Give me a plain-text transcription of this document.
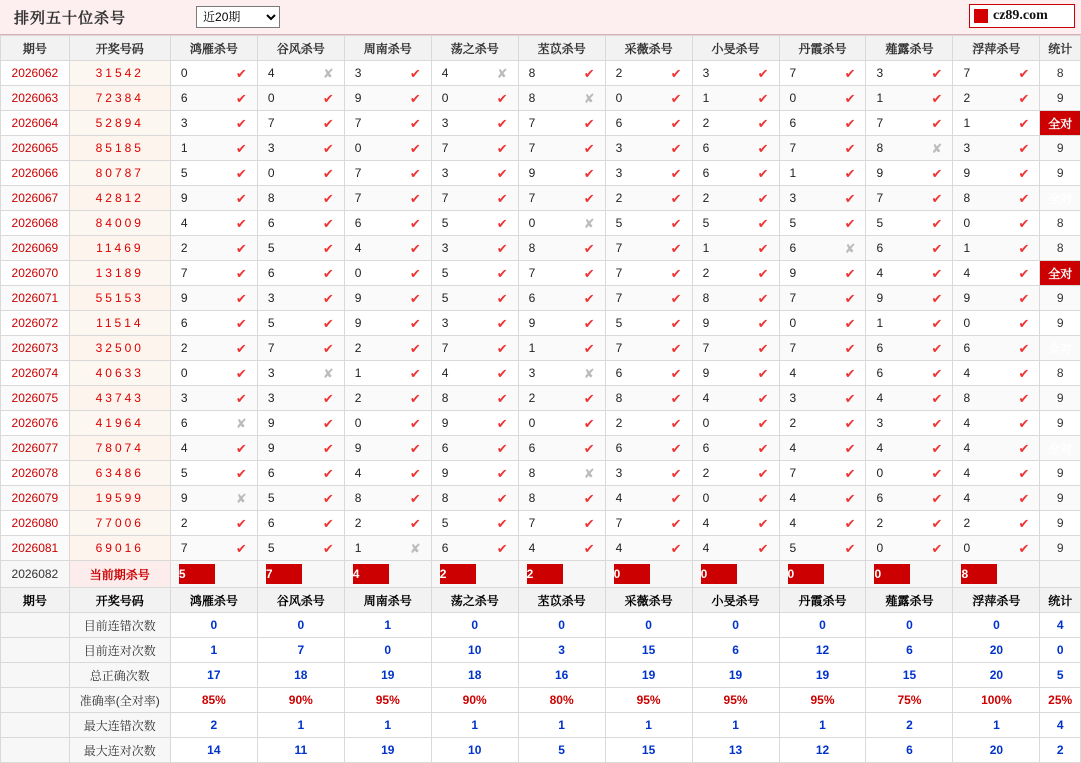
排列五十位杀号
近20期	cz89.com
期号	开奖号码	鸿雁杀号	谷风杀号	周南杀号	荡之杀号	苤苡杀号	采薇杀号	小旻杀号	丹霞杀号	薤露杀号	浮萍杀号	统计
2026062	31542	0 ✔	4 ✘	3 ✔	4 ✘	8 ✔	2 ✔	3 ✔	7 ✔	3 ✔	7 ✔	8
2026063	72384	6 ✔	0 ✔	9 ✔	0 ✔	8 ✘	0 ✔	1 ✔	0 ✔	1 ✔	2 ✔	9
2026064	52894	3 ✔	7 ✔	7 ✔	3 ✔	7 ✔	6 ✔	2 ✔	6 ✔	7 ✔	1 ✔	全对
2026065	85185	1 ✔	3 ✔	0 ✔	7 ✔	7 ✔	3 ✔	6 ✔	7 ✔	8 ✘	3 ✔	9
2026066	80787	5 ✔	0 ✔	7 ✔	3 ✔	9 ✔	3 ✔	6 ✔	1 ✔	9 ✔	9 ✔	9
2026067	42812	9 ✔	8 ✔	7 ✔	7 ✔	7 ✔	2 ✔	2 ✔	3 ✔	7 ✔	8 ✔	全对
2026068	84009	4 ✔	6 ✔	6 ✔	5 ✔	0 ✘	5 ✔	5 ✔	5 ✔	5 ✔	0 ✔	8
2026069	11469	2 ✔	5 ✔	4 ✔	3 ✔	8 ✔	7 ✔	1 ✔	6 ✘	6 ✔	1 ✔	8
2026070	13189	7 ✔	6 ✔	0 ✔	5 ✔	7 ✔	7 ✔	2 ✔	9 ✔	4 ✔	4 ✔	全对
2026071	55153	9 ✔	3 ✔	9 ✔	5 ✔	6 ✔	7 ✔	8 ✔	7 ✔	9 ✔	9 ✔	9
2026072	11514	6 ✔	5 ✔	9 ✔	3 ✔	9 ✔	5 ✔	9 ✔	0 ✔	1 ✔	0 ✔	9
2026073	32500	2 ✔	7 ✔	2 ✔	7 ✔	1 ✔	7 ✔	7 ✔	7 ✔	6 ✔	6 ✔	全对
2026074	40633	0 ✔	3 ✘	1 ✔	4 ✔	3 ✘	6 ✔	9 ✔	4 ✔	6 ✔	4 ✔	8
2026075	43743	3 ✔	3 ✔	2 ✔	8 ✔	2 ✔	8 ✔	4 ✔	3 ✔	4 ✔	8 ✔	9
2026076	41964	6 ✘	9 ✔	0 ✔	9 ✔	0 ✔	2 ✔	0 ✔	2 ✔	3 ✔	4 ✔	9
2026077	78074	4 ✔	9 ✔	9 ✔	6 ✔	6 ✔	6 ✔	6 ✔	4 ✔	4 ✔	4 ✔	全对
2026078	63486	5 ✔	6 ✔	4 ✔	9 ✔	8 ✘	3 ✔	2 ✔	7 ✔	0 ✔	4 ✔	9
2026079	19599	9 ✘	5 ✔	8 ✔	8 ✔	8 ✔	4 ✔	0 ✔	4 ✔	6 ✔	4 ✔	9
2026080	77006	2 ✔	6 ✔	2 ✔	5 ✔	7 ✔	7 ✔	4 ✔	4 ✔	2 ✔	2 ✔	9
2026081	69016	7 ✔	5 ✔	1 ✘	6 ✔	4 ✔	4 ✔	4 ✔	5 ✔	0 ✔	0 ✔	9
2026082	当前期杀号	5	7	4	2	2	0	0	0	0	8	
期号	开奖号码	鸿雁杀号	谷风杀号	周南杀号	荡之杀号	苤苡杀号	采薇杀号	小旻杀号	丹霞杀号	薤露杀号	浮萍杀号	统计
	目前连错次数	0	0	1	0	0	0	0	0	0	0	4
	目前连对次数	1	7	0	10	3	15	6	12	6	20	0
	总正确次数	17	18	19	18	16	19	19	19	15	20	5
	准确率(全对率)	85%	90%	95%	90%	80%	95%	95%	95%	75%	100%	25%
	最大连错次数	2	1	1	1	1	1	1	1	2	1	4
	最大连对次数	14	11	19	10	5	15	13	12	6	20	2
